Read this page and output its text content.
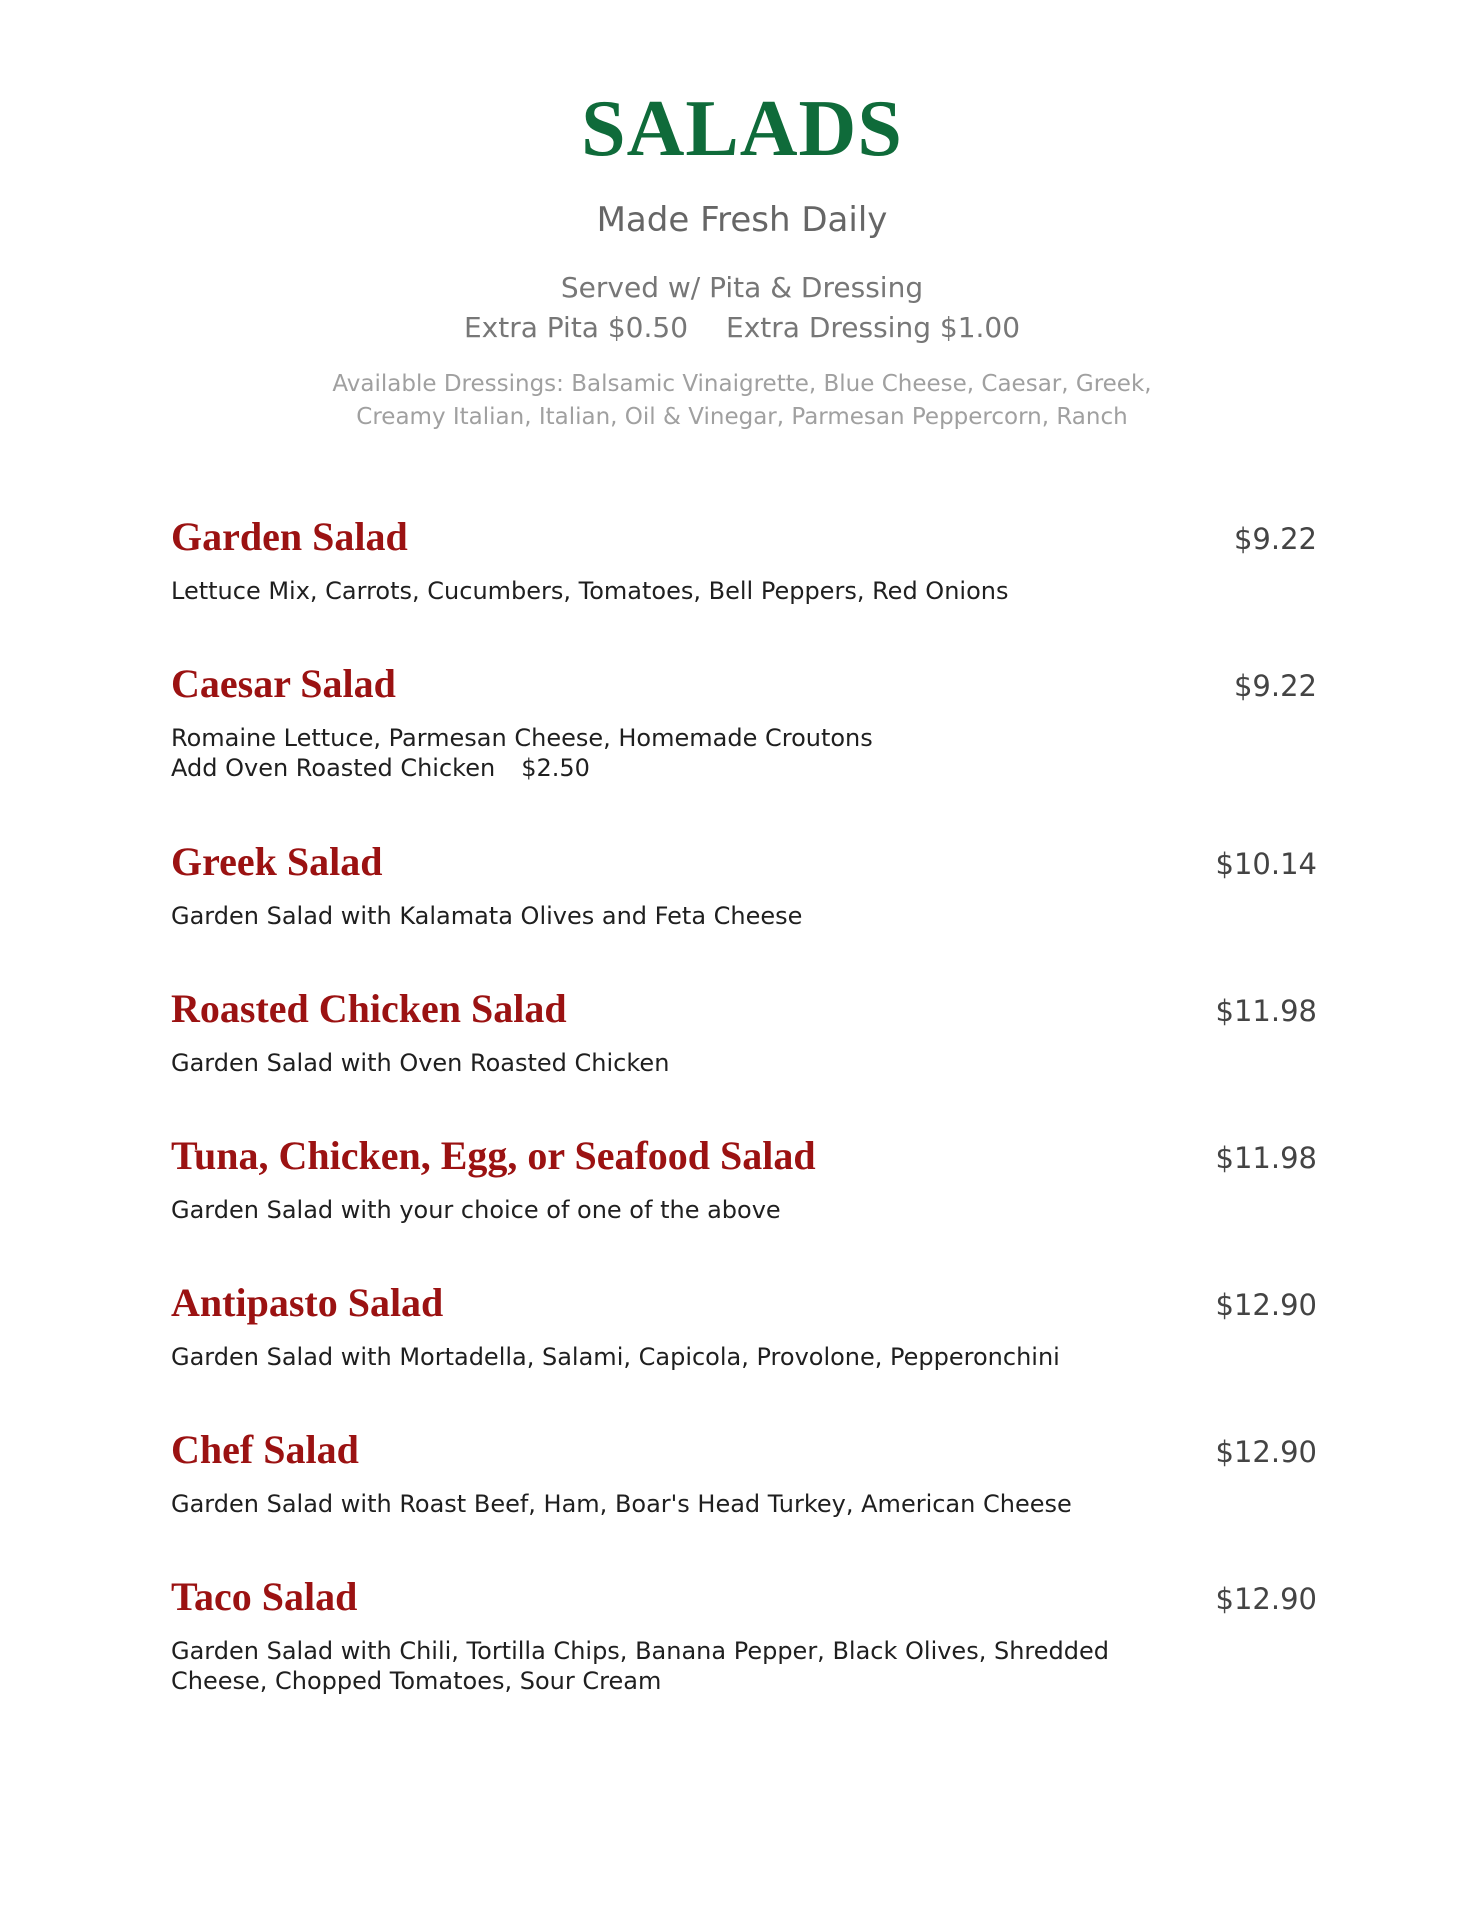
SALADS
Made Fresh Daily
Served w/ Pita & Dressing
Extra Pita $0.50 Extra Dressing $1.00
Available Dressings: Balsamic Vinaigrette, Blue Cheese, Caesar, Greek,
Creamy Italian, Italian, Oil & Vinegar, Parmesan Peppercorn, Ranch
Garden Salad	$9.22
Lettuce Mix, Carrots, Cucumbers, Tomatoes, Bell Peppers, Red Onions
Caesar Salad	$9.22
Romaine Lettuce, Parmesan Cheese, Homemade Croutons
Add Oven Roasted Chicken $2.50
Greek Salad	$10.14
Garden Salad with Kalamata Olives and Feta Cheese
Roasted Chicken Salad	$11.98
Garden Salad with Oven Roasted Chicken
Tuna, Chicken, Egg, or Seafood Salad	$11.98
Garden Salad with your choice of one of the above
Antipasto Salad	$12.90
Garden Salad with Mortadella, Salami, Capicola, Provolone, Pepperonchini
Chef Salad	$12.90
Garden Salad with Roast Beef, Ham, Boar's Head Turkey, American Cheese
Taco Salad	$12.90
Garden Salad with Chili, Tortilla Chips, Banana Pepper, Black Olives, Shredded
Cheese, Chopped Tomatoes, Sour Cream
